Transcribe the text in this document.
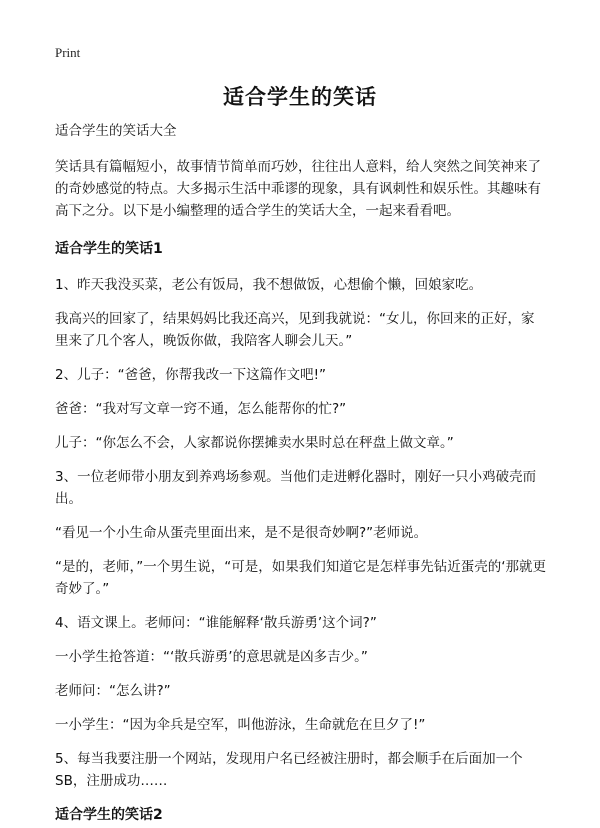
Print
适合学生的笑话

适合学生的笑话大全

笑话具有篇幅短小，故事情节简单而巧妙，往往出人意料，给人突然之间笑神来了的奇妙感觉的特点。大多揭示生活中乖谬的现象，具有讽刺性和娱乐性。其趣味有高下之分。以下是小编整理的适合学生的笑话大全，一起来看看吧。

适合学生的笑话1

1、昨天我没买菜，老公有饭局，我不想做饭，心想偷个懒，回娘家吃。

我高兴的回家了，结果妈妈比我还高兴，见到我就说：“女儿，你回来的正好，家里来了几个客人，晚饭你做，我陪客人聊会儿天。”

2、儿子：“爸爸，你帮我改一下这篇作文吧!”

爸爸：“我对写文章一窍不通，怎么能帮你的忙?”

儿子：“你怎么不会，人家都说你摆摊卖水果时总在秤盘上做文章。”

3、一位老师带小朋友到养鸡场参观。当他们走进孵化器时，刚好一只小鸡破壳而出。

“看见一个小生命从蛋壳里面出来，是不是很奇妙啊?”老师说。

“是的，老师，”一个男生说，“可是，如果我们知道它是怎样事先钻近蛋壳的‘那就更奇妙了。”

4、语文课上。老师问：“谁能解释‘散兵游勇’这个词?”

一小学生抢答道：“‘散兵游勇’的意思就是凶多吉少。”

老师问：“怎么讲?”

一小学生：“因为伞兵是空军，叫他游泳，生命就危在旦夕了!”

5、每当我要注册一个网站，发现用户名已经被注册时，都会顺手在后面加一个SB，注册成功……

适合学生的笑话2
